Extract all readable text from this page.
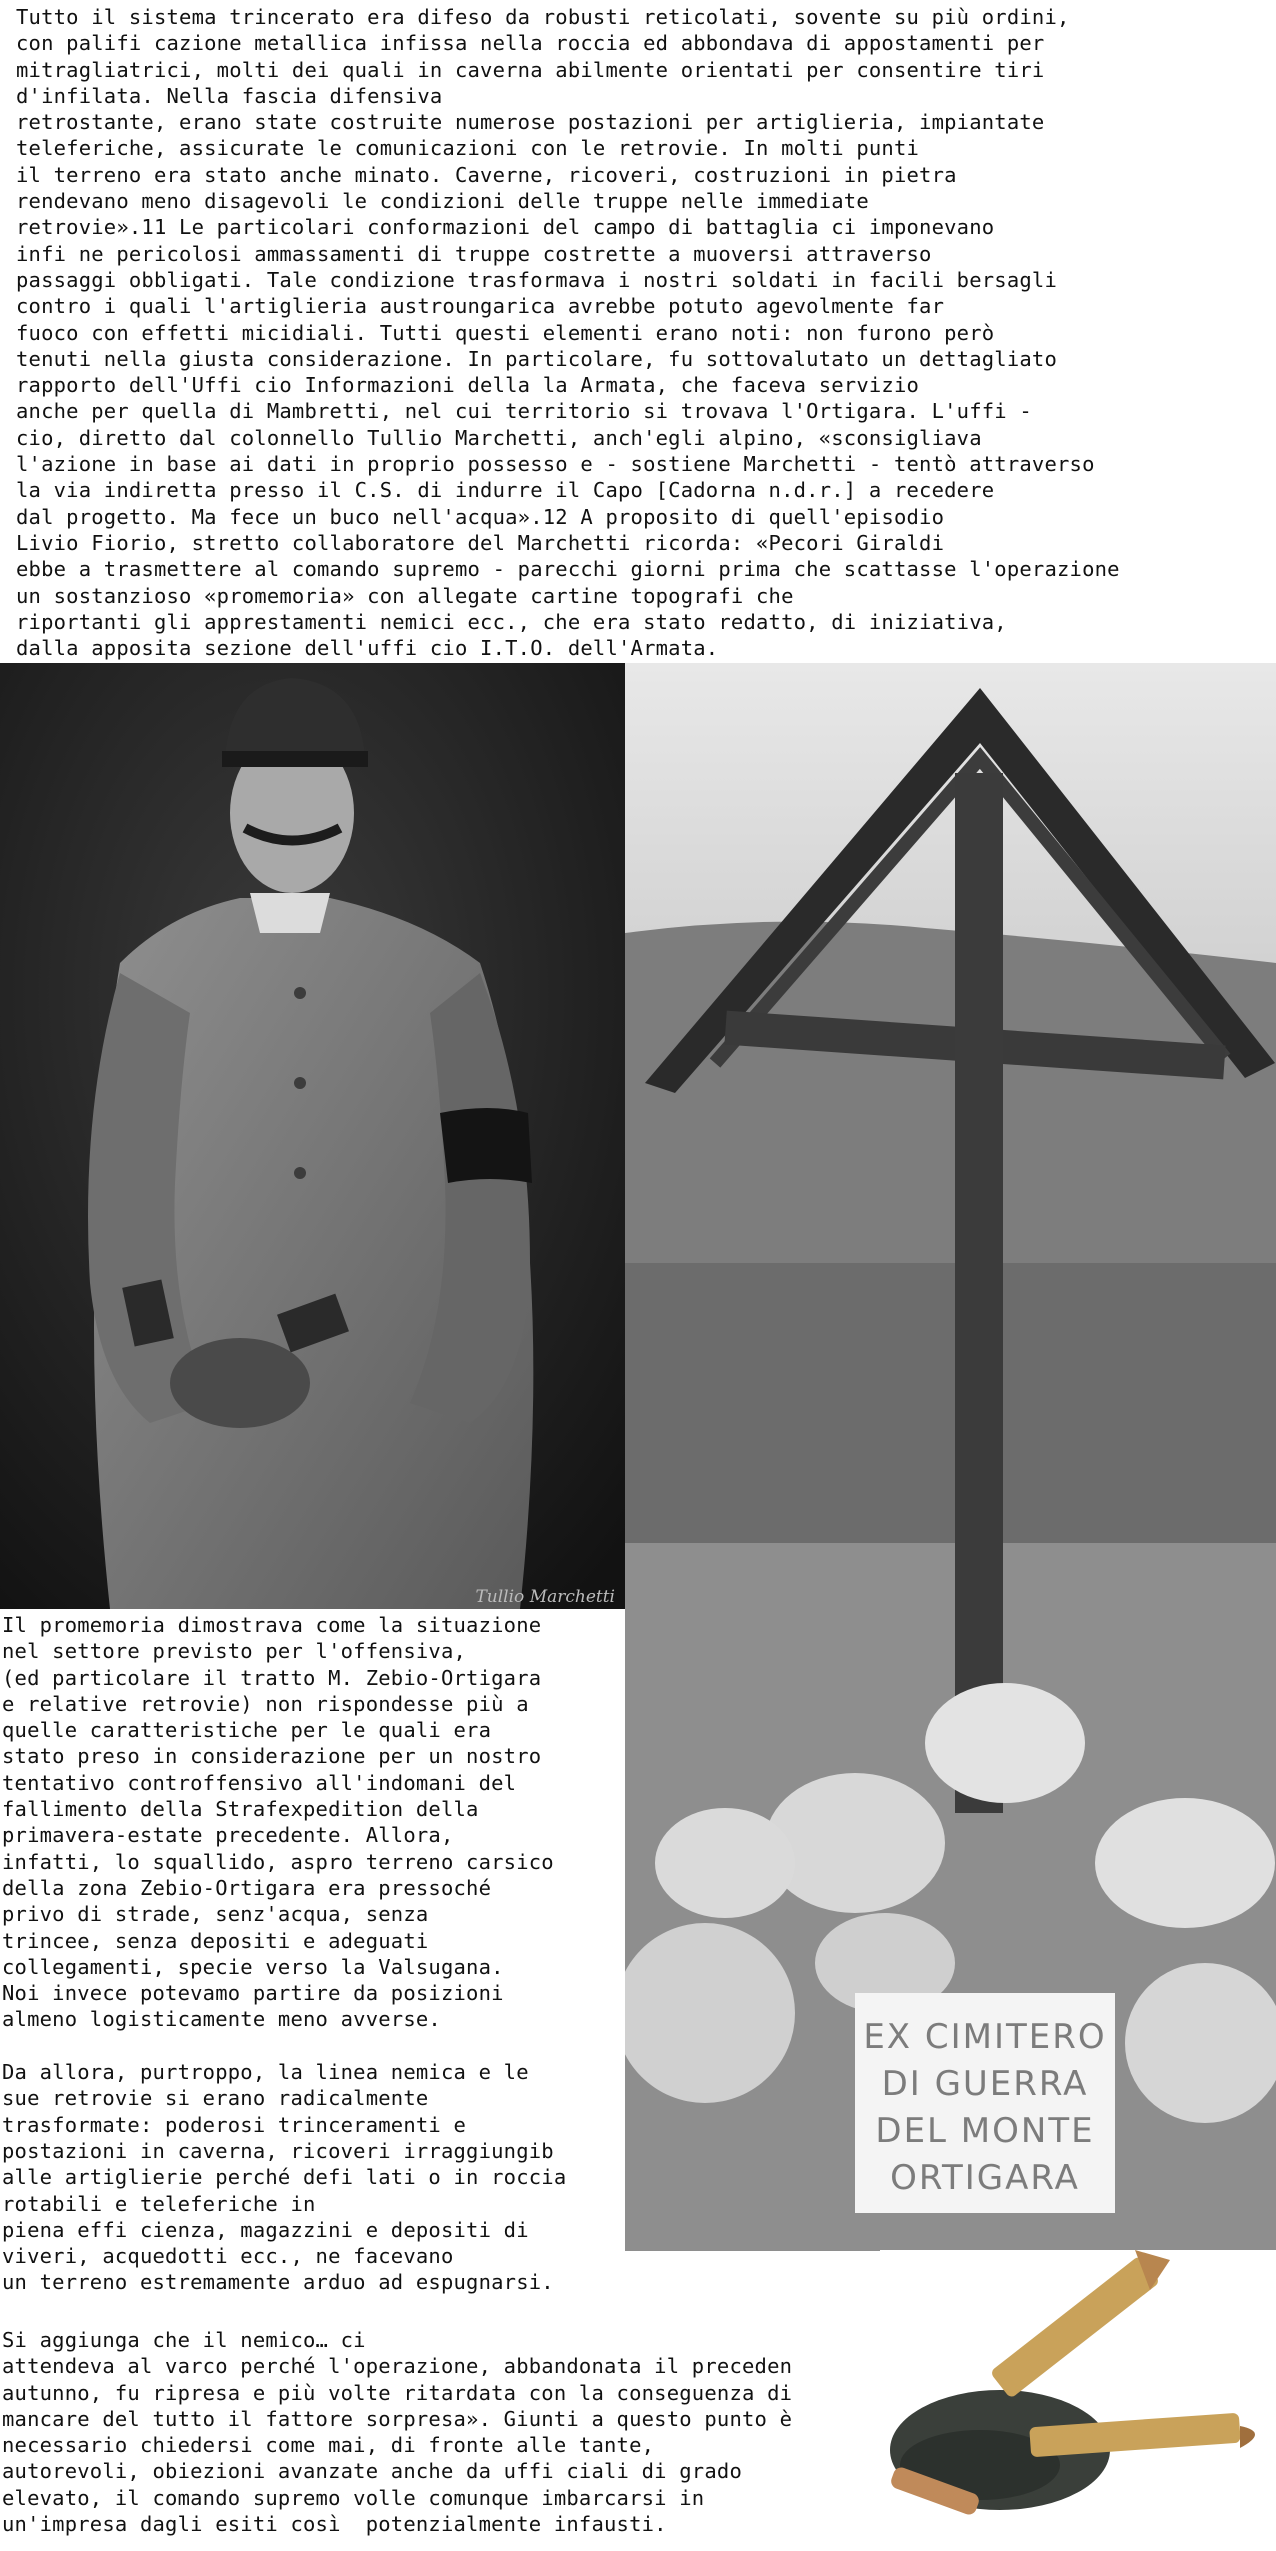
Tutto il sistema trincerato era difeso da robusti reticolati, sovente su più ordini,
con palifi cazione metallica infissa nella roccia ed abbondava di appostamenti per
mitragliatrici, molti dei quali in caverna abilmente orientati per consentire tiri
d'infilata. Nella fascia difensiva
retrostante, erano state costruite numerose postazioni per artiglieria, impiantate
teleferiche, assicurate le comunicazioni con le retrovie. In molti punti
il terreno era stato anche minato. Caverne, ricoveri, costruzioni in pietra
rendevano meno disagevoli le condizioni delle truppe nelle immediate
retrovie».11 Le particolari conformazioni del campo di battaglia ci imponevano
infi ne pericolosi ammassamenti di truppe costrette a muoversi attraverso
passaggi obbligati. Tale condizione trasformava i nostri soldati in facili bersagli
contro i quali l'artiglieria austroungarica avrebbe potuto agevolmente far
fuoco con effetti micidiali. Tutti questi elementi erano noti: non furono però
tenuti nella giusta considerazione. In particolare, fu sottovalutato un dettagliato
rapporto dell'Uffi cio Informazioni della la Armata, che faceva servizio
anche per quella di Mambretti, nel cui territorio si trovava l'Ortigara. L'uffi -
cio, diretto dal colonnello Tullio Marchetti, anch'egli alpino, «sconsigliava
l'azione in base ai dati in proprio possesso e - sostiene Marchetti - tentò attraverso
la via indiretta presso il C.S. di indurre il Capo [Cadorna n.d.r.] a recedere
dal progetto. Ma fece un buco nell'acqua».12 A proposito di quell'episodio
Livio Fiorio, stretto collaboratore del Marchetti ricorda: «Pecori Giraldi
ebbe a trasmettere al comando supremo - parecchi giorni prima che scattasse l'operazione
un sostanzioso «promemoria» con allegate cartine topografi che
riportanti gli apprestamenti nemici ecc., che era stato redatto, di iniziativa,
dalla apposita sezione dell'uffi cio I.T.O. dell'Armata.
Tullio Marchetti
EX CIMITERO
DI GUERRA
DEL MONTE
ORTIGARA
Il promemoria dimostrava come la situazione
nel settore previsto per l'offensiva,
(ed particolare il tratto M. Zebio-Ortigara
e relative retrovie) non rispondesse più a
quelle caratteristiche per le quali era
stato preso in considerazione per un nostro
tentativo controffensivo all'indomani del
fallimento della Strafexpedition della
primavera-estate precedente. Allora,
infatti, lo squallido, aspro terreno carsico
della zona Zebio-Ortigara era pressoché
privo di strade, senz'acqua, senza
trincee, senza depositi e adeguati
collegamenti, specie verso la Valsugana.
Noi invece potevamo partire da posizioni
almeno logisticamente meno avverse.
Da allora, purtroppo, la linea nemica e le
sue retrovie si erano radicalmente
trasformate: poderosi trinceramenti e
postazioni in caverna, ricoveri irraggiungib
alle artiglierie perché defi lati o in roccia
rotabili e teleferiche in
piena effi cienza, magazzini e depositi di
viveri, acquedotti ecc., ne facevano
un terreno estremamente arduo ad espugnarsi.
Si aggiunga che il nemico… ci
attendeva al varco perché l'operazione, abbandonata il preceden
autunno, fu ripresa e più volte ritardata con la conseguenza di
mancare del tutto il fattore sorpresa». Giunti a questo punto è
necessario chiedersi come mai, di fronte alle tante,
autorevoli, obiezioni avanzate anche da uffi ciali di grado
elevato, il comando supremo volle comunque imbarcarsi in
un'impresa dagli esiti così  potenzialmente infausti.
